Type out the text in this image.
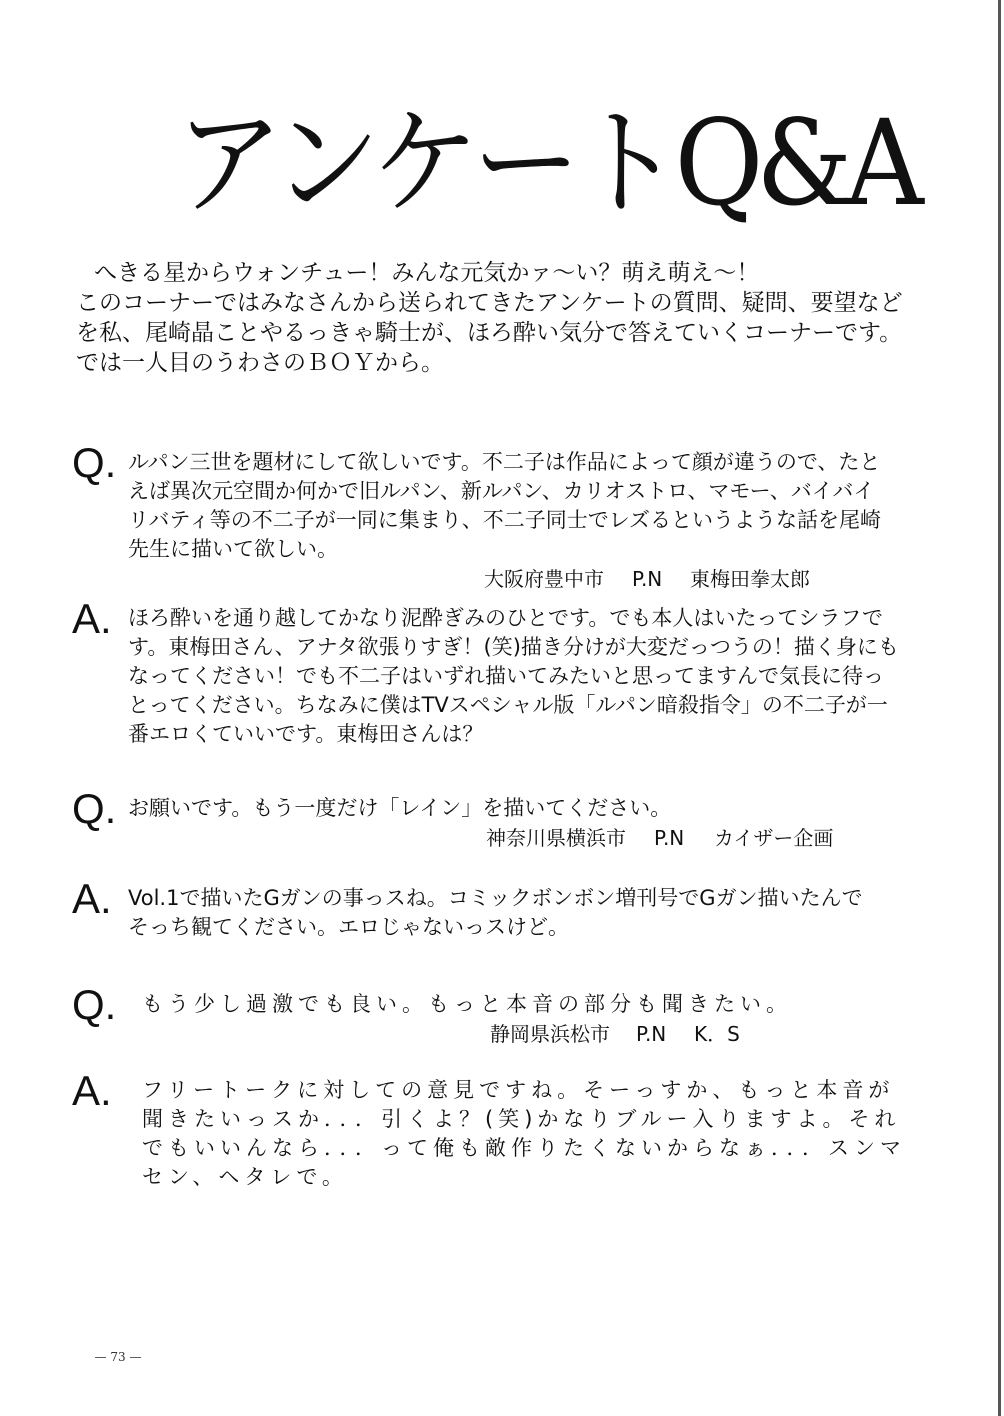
アンケートQ&A
へきる星からウォンチュー！みんな元気かァ〜い？萌え萌え〜！
このコーナーではみなさんから送られてきたアンケートの質問、疑問、要望など
を私、尾崎晶ことやるっきゃ騎士が、ほろ酔い気分で答えていくコーナーです。
では一人目のうわさのＢＯＹから。
Q. ルパン三世を題材にして欲しいです。不二子は作品によって顔が違うので、たと
えば異次元空間か何かで旧ルパン、新ルパン、カリオストロ、マモー、バイバイ
リバティ等の不二子が一同に集まり、不二子同士でレズるというような話を尾崎
先生に描いて欲しい。
大阪府豊中市 P.N 東梅田拳太郎
A. ほろ酔いを通り越してかなり泥酔ぎみのひとです。でも本人はいたってシラフで
す。東梅田さん、アナタ欲張りすぎ！(笑)描き分けが大変だっつうの！描く身にも
なってください！でも不二子はいずれ描いてみたいと思ってますんで気長に待っ
とってください。ちなみに僕はTVスペシャル版「ルパン暗殺指令」の不二子が一
番エロくていいです。東梅田さんは？
Q. お願いです。もう一度だけ「レイン」を描いてください。
神奈川県横浜市 P.N カイザー企画
A. Vol.1で描いたGガンの事っスね。コミックボンボン増刊号でGガン描いたんで
そっち観てください。エロじゃないっスけど。
Q.	もう少し過激でも良い。もっと本音の部分も聞きたい。
静岡県浜松市 P.N K．S
A.	フリートークに対しての意見ですね。そーっすか、もっと本音が
聞きたいっスか．．．引くよ？(笑)かなりブルー入りますよ。それ
でもいいんなら．．．って俺も敵作りたくないからなぁ．．．スンマ
セン、ヘタレで。
— 73 —
